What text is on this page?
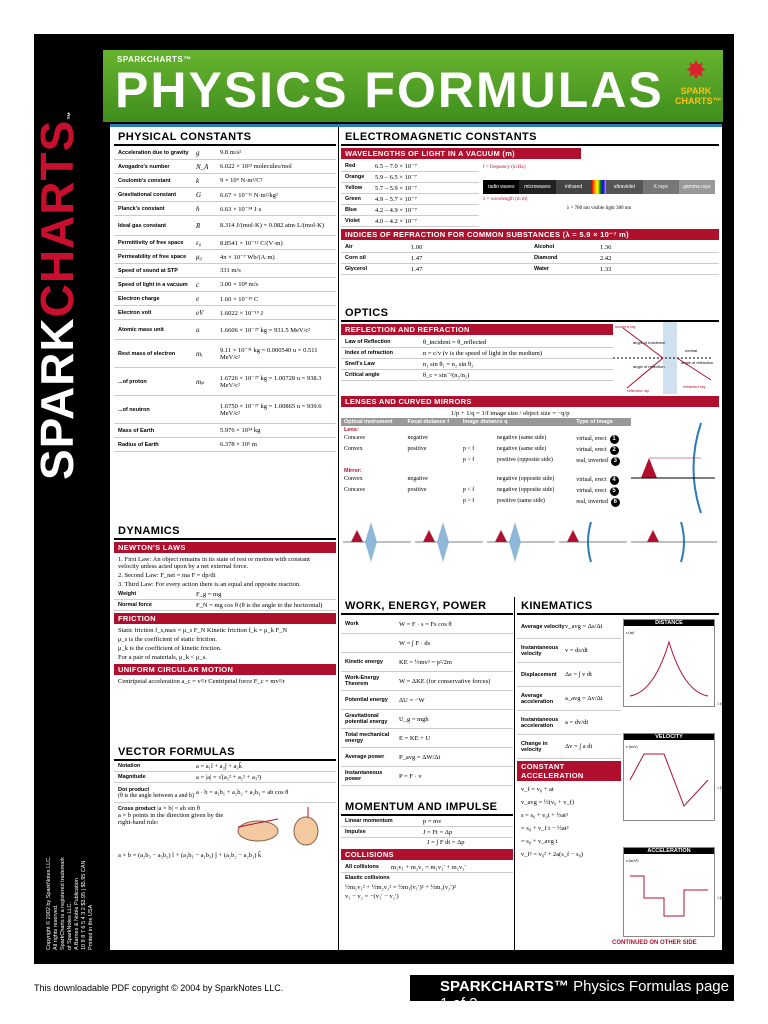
SPARKCHARTS™
Copyright © 2002 by SparkNotes LLC. All rights reserved. SparkCharts is a registered trademark of SparkNotes LLC. A Barnes & Noble Publication 10 9 8 7 6 5 4 3 2 $3.95 | $5.95 CAN Printed in the USA
SPARKCHARTS™
PHYSICS FORMULAS ✸
SPARK
CHARTS™
PHYSICAL CONSTANTS
Acceleration due to gravity	g	9.8 m/s²
Avogadro's number	N_A	6.022 × 10²³ molecules/mol
Coulomb's constant	k	9 × 10⁹ N·m²/C²
Gravitational constant	G	6.67 × 10⁻¹¹ N·m²/kg²
Planck's constant	h	6.63 × 10⁻³⁴ J·s
Ideal gas constant	R	8.314 J/(mol·K) = 0.082 atm·L/(mol·K)
Permittivity of free space	ε₀	8.8541 × 10⁻¹² C/(V·m)
Permeability of free space	μ₀	4π × 10⁻⁷ Wb/(A·m)
Speed of sound at STP	331 m/s
Speed of light in a vacuum	c	3.00 × 10⁸ m/s
Electron charge	e	1.60 × 10⁻¹⁹ C
Electron volt	eV	1.6022 × 10⁻¹⁹ J
Atomic mass unit	u	1.6606 × 10⁻²⁷ kg = 931.5 MeV/c²
Rest mass of electron	mₑ	9.11 × 10⁻³¹ kg = 0.000540 u = 0.511 MeV/c²
...of proton	mₚ	1.6726 × 10⁻²⁷ kg = 1.00728 u = 938.3 MeV/c²
...of neutron	1.6750 × 10⁻²⁷ kg = 1.00865 u = 939.6 MeV/c²
Mass of Earth	5.976 × 10²⁴ kg
Radius of Earth	6.378 × 10⁶ m
DYNAMICS
NEWTON'S LAWS
1. First Law: An object remains in its state of rest or motion with constant velocity unless acted upon by a net external force.
2. Second Law: F_net = ma F = dp/dt
3. Third Law: For every action there is an equal and opposite reaction.
Weight	F_g = mg
Normal force	F_N = mg cos θ (θ is the angle to the horizontal)
FRICTION
Static friction f_s,max = μ_s F_N Kinetic friction f_k = μ_k F_N
μ_s is the coefficient of static friction.
μ_k is the coefficient of kinetic friction.
For a pair of materials, μ_k < μ_s.
UNIFORM CIRCULAR MOTION
Centripetal acceleration a_c = v²/r Centripetal force F_c = mv²/r
VECTOR FORMULAS
Notation	a = a₁î + a₂ĵ + a₃k̂
Magnitude	a = |a| = √(a₁² + a₂² + a₃²)
Dot product
(θ is the angle between a and b) a · b = a₁b₁ + a₂b₂ + a₃b₃ = ab cos θ
Cross product |a × b| = ab sin θ
a × b points in the direction given by the right-hand rule:
a × b = (a₂b₃ − a₃b₂) î + (a₃b₁ − a₁b₃) ĵ + (a₁b₂ − a₂b₁) k̂
ELECTROMAGNETIC CONSTANTS
WAVELENGTHS OF LIGHT IN A VACUUM (m)
Red	6.5 – 7.0 × 10⁻⁷
Orange	5.9 – 6.5 × 10⁻⁷
Yellow	5.7 – 5.9 × 10⁻⁷
Green	4.9 – 5.7 × 10⁻⁷
Blue	4.2 – 4.9 × 10⁻⁷
Violet	4.0 – 4.2 × 10⁻⁷
f = frequency (in Hz)
radio waves	microwaves	infrared	ultraviolet	X rays	gamma rays
λ = wavelength (in m)
λ = 780 nm visible light 380 nm
INDICES OF REFRACTION FOR COMMON SUBSTANCES (λ = 5.9 × 10⁻⁷ m)
Air	1.00	Alcohol	1.36
Corn oil	1.47	Diamond	2.42
Glycerol	1.47	Water	1.33
OPTICS
REFLECTION AND REFRACTION
Law of Reflection	θ_incident = θ_reflected
Index of refraction	n = c/v (v is the speed of light in the medium)
Snell's Law	n₁ sin θ₁ = n₂ sin θ₂
Critical angle	θ_c = sin⁻¹(n₂/n₁)
incident ray
angle of incidence
angle of reflection
reflected ray
normal
angle of refraction
refracted ray
LENSES AND CURVED MIRRORS
1/p + 1/q = 1/f image size / object size = −q/p
Optical instrument	Focal distance f	Image distance q	Type of image
Lens:			
Concave	negative	negative (same side)	virtual, erect 1
Convex	positive	p < f negative (same side)	virtual, erect 2
		p > f positive (opposite side)	real, inverted 3
Mirror:			
Convex	negative	negative (opposite side)	virtual, erect 4
Concave	positive	p < f negative (opposite side)	virtual, erect 5
		p > f positive (same side)	real, inverted 6
WORK, ENERGY, POWER
Work	W = F · s = Fs cos θ
W = ∫ F · ds
Kinetic energy	KE = ½mv² = p²/2m
Work-Energy Theorem	W = ΔKE (for conservative forces)
Potential energy	ΔU = −W
Gravitational potential energy	U_g = mgh
Total mechanical energy	E = KE + U
Average power	P_avg = ΔW/Δt
Instantaneous power	P = F · v
MOMENTUM AND IMPULSE
Linear momentum	p = mv
Impulse	J = Ft = Δp
J = ∫ F dt = Δp
COLLISIONS
All collisions	m₁v₁ + m₂v₂ = m₁v₁′ + m₂v₂′
Elastic collisions
½m₁v₁² + ½m₂v₂² = ½m₁(v₁′)² + ½m₂(v₂′)²
v₁ − v₂ = −(v₁′ − v₂′)
KINEMATICS
Average velocity v_avg = Δs/Δt
Instantaneous velocity	v = ds/dt
Displacement	Δs = ∫ v dt
Average acceleration	a_avg = Δv/Δt
Instantaneous acceleration	a = dv/dt
Change in velocity	Δv = ∫ a dt
CONSTANT ACCELERATION
v_f = v₀ + at
v_avg = ½(v₀ + v_f)
s = s₀ + v₀t + ½at²
= s₀ + v_f t − ½at²
= s₀ + v_avg t
v_f² = v₀² + 2a(s_f − s₀)
DISTANCE
s (m)
t (s)
VELOCITY
v (m/s)
t (s)
ACCELERATION
a (m/s²)
t (s)
CONTINUED ON OTHER SIDE
This downloadable PDF copyright © 2004 by SparkNotes LLC.	SPARKCHARTS™ Physics Formulas page 1 of 2
